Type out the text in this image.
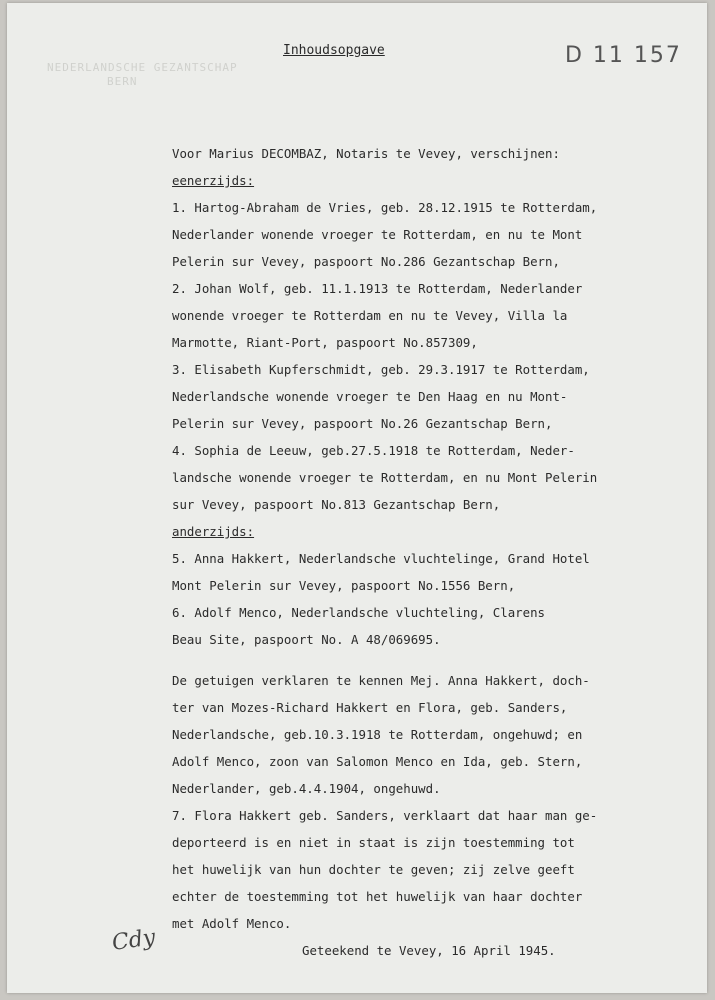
D 11 157
NEDERLANDSCHE GEZANTSCHAP
BERN
Inhoudsopgave
Voor Marius DECOMBAZ, Notaris te Vevey, verschijnen:
eenerzijds:
1. Hartog-Abraham de Vries, geb. 28.12.1915 te Rotterdam,
Nederlander wonende vroeger te Rotterdam, en nu te Mont
Pelerin sur Vevey, paspoort No.286 Gezantschap Bern,
2. Johan Wolf, geb. 11.1.1913 te Rotterdam, Nederlander
wonende vroeger te Rotterdam en nu te Vevey, Villa la
Marmotte, Riant-Port, paspoort No.857309,
3. Elisabeth Kupferschmidt, geb. 29.3.1917 te Rotterdam,
Nederlandsche wonende vroeger te Den Haag en nu Mont-
Pelerin sur Vevey, paspoort No.26 Gezantschap Bern,
4. Sophia de Leeuw, geb.27.5.1918 te Rotterdam, Neder-
landsche wonende vroeger te Rotterdam, en nu Mont Pelerin
sur Vevey, paspoort No.813 Gezantschap Bern,
anderzijds:
5. Anna Hakkert, Nederlandsche vluchtelinge, Grand Hotel
Mont Pelerin sur Vevey, paspoort No.1556 Bern,
6. Adolf Menco, Nederlandsche vluchteling, Clarens
Beau Site, paspoort No. A 48/069695.
De getuigen verklaren te kennen Mej. Anna Hakkert, doch-
ter van Mozes-Richard Hakkert en Flora, geb. Sanders,
Nederlandsche, geb.10.3.1918 te Rotterdam, ongehuwd; en
Adolf Menco, zoon van Salomon Menco en Ida, geb. Stern,
Nederlander, geb.4.4.1904, ongehuwd.
7. Flora Hakkert geb. Sanders, verklaart dat haar man ge-
deporteerd is en niet in staat is zijn toestemming tot
het huwelijk van hun dochter te geven; zij zelve geeft
echter de toestemming tot het huwelijk van haar dochter
met Adolf Menco.
Geteekend te Vevey, 16 April 1945.
Cdy
